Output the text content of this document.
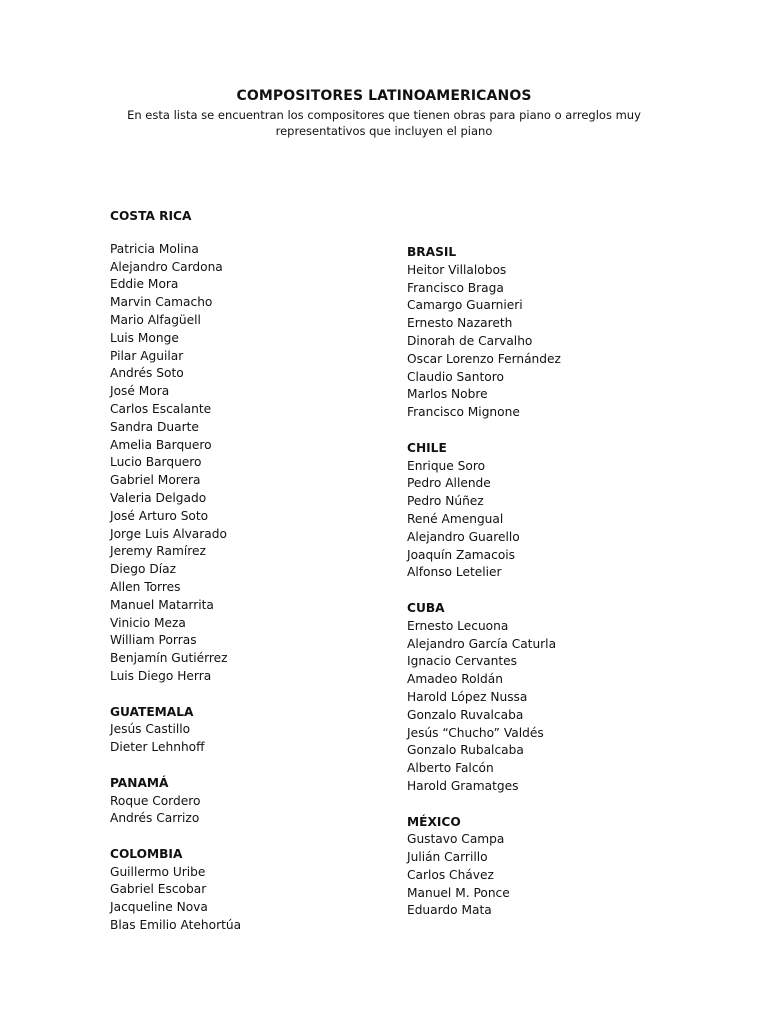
COMPOSITORES LATINOAMERICANOS
En esta lista se encuentran los compositores que tienen obras para piano o arreglos muy representativos que incluyen el piano
COSTA RICA
Patricia Molina
Alejandro Cardona
Eddie Mora
Marvin Camacho
Mario Alfagüell
Luis Monge
Pilar Aguilar
Andrés Soto
José Mora
Carlos Escalante
Sandra Duarte
Amelia Barquero
Lucio Barquero
Gabriel Morera
Valeria Delgado
José Arturo Soto
Jorge Luis Alvarado
Jeremy Ramírez
Diego Díaz
Allen Torres
Manuel Matarrita
Vinicio Meza
William Porras
Benjamín Gutiérrez
Luis Diego Herra
GUATEMALA
Jesús Castillo
Dieter Lehnhoff
PANAMÁ
Roque Cordero
Andrés Carrizo
COLOMBIA
Guillermo Uribe
Gabriel Escobar
Jacqueline Nova
Blas Emilio Atehortúa
BRASIL
Heitor Villalobos
Francisco Braga
Camargo Guarnieri
Ernesto Nazareth
Dinorah de Carvalho
Oscar Lorenzo Fernández
Claudio Santoro
Marlos Nobre
Francisco Mignone
CHILE
Enrique Soro
Pedro Allende
Pedro Núñez
René Amengual
Alejandro Guarello
Joaquín Zamacois
Alfonso Letelier
CUBA
Ernesto Lecuona
Alejandro García Caturla
Ignacio Cervantes
Amadeo Roldán
Harold López Nussa
Gonzalo Ruvalcaba
Jesús “Chucho” Valdés
Gonzalo Rubalcaba
Alberto Falcón
Harold Gramatges
MÉXICO
Gustavo Campa
Julián Carrillo
Carlos Chávez
Manuel M. Ponce
Eduardo Mata
